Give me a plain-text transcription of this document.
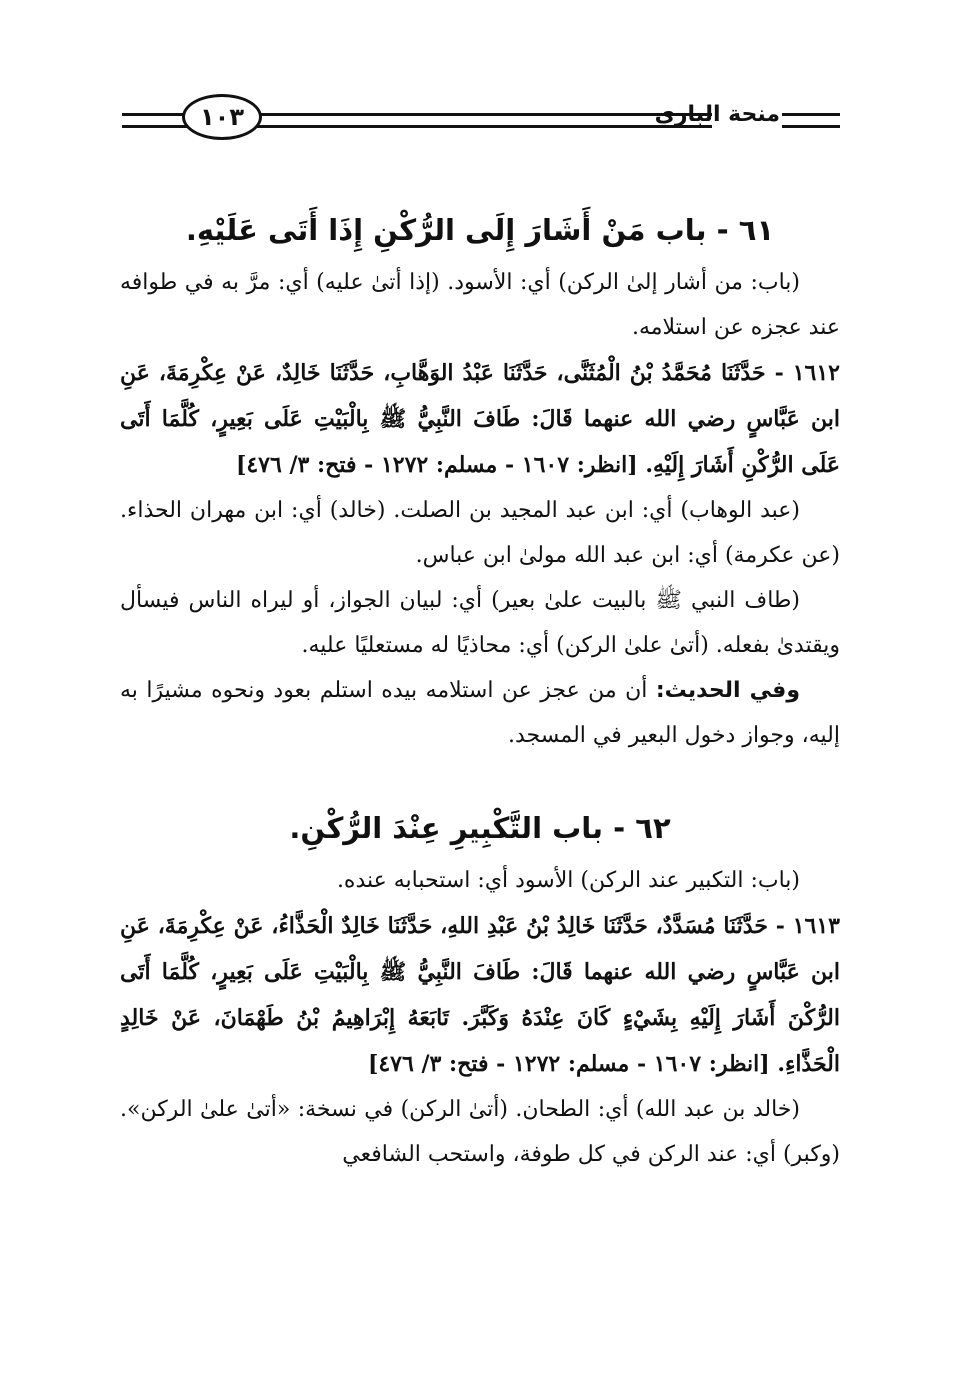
١٠٣	منحة الباري
٦١ - باب مَنْ أَشَارَ إِلَى الرُّكْنِ إِذَا أَتَى عَلَيْهِ.

(باب: من أشار إلىٰ الركن) أي: الأسود. (إذا أتىٰ عليه) أي: مرَّ به في طوافه عند عجزه عن استلامه.

١٦١٢ - حَدَّثَنَا مُحَمَّدُ بْنُ الْمُثَنَّى، حَدَّثَنَا عَبْدُ الوَهَّابِ، حَدَّثَنَا خَالِدٌ، عَنْ عِكْرِمَةَ، عَنِ ابن عَبَّاسٍ رضي الله عنهما قَالَ: طَافَ النَّبِيُّ ﷺ بِالْبَيْتِ عَلَى بَعِيرٍ، كُلَّمَا أَتَى عَلَى الرُّكْنِ أَشَارَ إِلَيْهِ. [انظر: ١٦٠٧ - مسلم: ١٢٧٢ - فتح: ٣/ ٤٧٦]

(عبد الوهاب) أي: ابن عبد المجيد بن الصلت. (خالد) أي: ابن مهران الحذاء. (عن عكرمة) أي: ابن عبد الله مولىٰ ابن عباس.

(طاف النبي ﷺ بالبيت علىٰ بعير) أي: لبيان الجواز، أو ليراه الناس فيسأل ويقتدىٰ بفعله. (أتىٰ علىٰ الركن) أي: محاذيًا له مستعليًا عليه.

وفي الحديث: أن من عجز عن استلامه بيده استلم بعود ونحوه مشيرًا به إليه، وجواز دخول البعير في المسجد.

٦٢ - باب التَّكْبِيرِ عِنْدَ الرُّكْنِ.

(باب: التكبير عند الركن) الأسود أي: استحبابه عنده.

١٦١٣ - حَدَّثَنَا مُسَدَّدٌ، حَدَّثَنَا خَالِدُ بْنُ عَبْدِ اللهِ، حَدَّثَنَا خَالِدٌ الْحَذَّاءُ، عَنْ عِكْرِمَةَ، عَنِ ابن عَبَّاسٍ رضي الله عنهما قَالَ: طَافَ النَّبِيُّ ﷺ بِالْبَيْتِ عَلَى بَعِيرٍ، كُلَّمَا أَتَى الرُّكْنَ أَشَارَ إِلَيْهِ بِشَيْءٍ كَانَ عِنْدَهُ وَكَبَّرَ. تَابَعَهُ إِبْرَاهِيمُ بْنُ طَهْمَانَ، عَنْ خَالِدٍ الْحَذَّاءِ. [انظر: ١٦٠٧ - مسلم: ١٢٧٢ - فتح: ٣/ ٤٧٦]

(خالد بن عبد الله) أي: الطحان. (أتىٰ الركن) في نسخة: «أتىٰ علىٰ الركن». (وكبر) أي: عند الركن في كل طوفة، واستحب الشافعي
